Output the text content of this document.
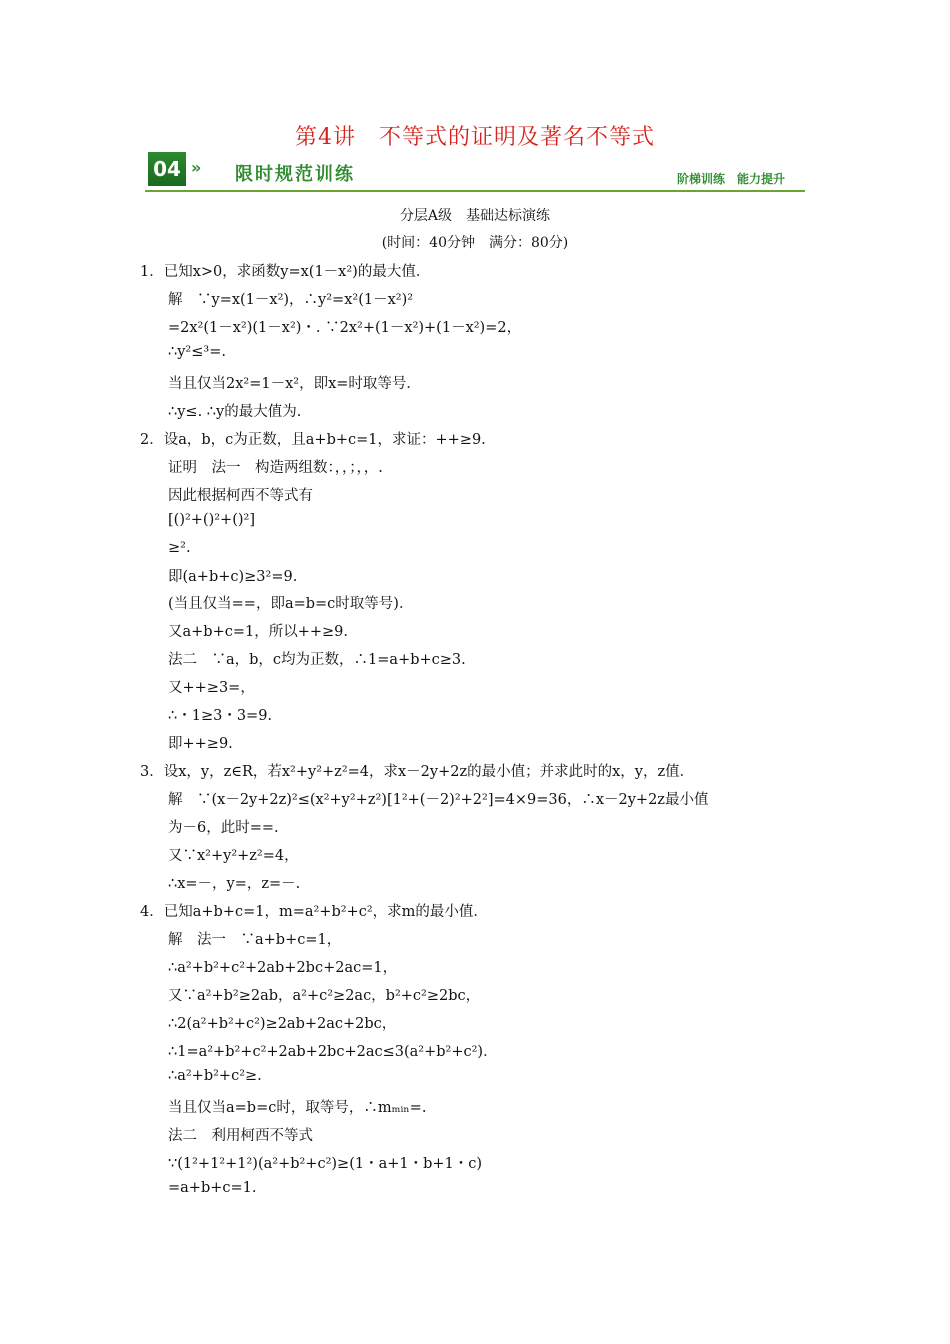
第4讲　不等式的证明及著名不等式
04 » 限时规范训练	阶梯训练　能力提升
分层A级　基础达标演练
(时间：40分钟　满分：80分)
1．已知x>0，求函数y=x(1－x²)的最大值．
解　∵y=x(1－x²)，∴y²=x²(1－x²)²
=2x²(1－x²)(1－x²)・. ∵2x²+(1－x²)+(1－x²)=2，
∴y²≤³=.
当且仅当2x²=1－x²，即x=时取等号．
∴y≤. ∴y的最大值为.
2．设a，b，c为正数，且a+b+c=1，求证：++≥9.
证明　法一　构造两组数：，，；，，.
因此根据柯西不等式有
[()²+()²+()²]
≥².
即(a+b+c)≥3²=9.
(当且仅当==，即a=b=c时取等号)．
又a+b+c=1，所以++≥9.
法二　∵a，b，c均为正数，∴1=a+b+c≥3.
又++≥3=，
∴・1≥3・3=9.
即++≥9.
3．设x，y，z∈R，若x²+y²+z²=4，求x－2y+2z的最小值；并求此时的x，y，z值．
解　∵(x－2y+2z)²≤(x²+y²+z²)[1²+(－2)²+2²]=4×9=36，∴x－2y+2z最小值
为－6，此时==.
又∵x²+y²+z²=4，
∴x=－，y=，z=－.
4．已知a+b+c=1，m=a²+b²+c²，求m的最小值．
解　法一　∵a+b+c=1，
∴a²+b²+c²+2ab+2bc+2ac=1，
又∵a²+b²≥2ab，a²+c²≥2ac，b²+c²≥2bc，
∴2(a²+b²+c²)≥2ab+2ac+2bc，
∴1=a²+b²+c²+2ab+2bc+2ac≤3(a²+b²+c²)．
∴a²+b²+c²≥.
当且仅当a=b=c时，取等号，∴mₘᵢₙ=.
法二　利用柯西不等式
∵(1²+1²+1²)(a²+b²+c²)≥(1・a+1・b+1・c)
=a+b+c=1.
